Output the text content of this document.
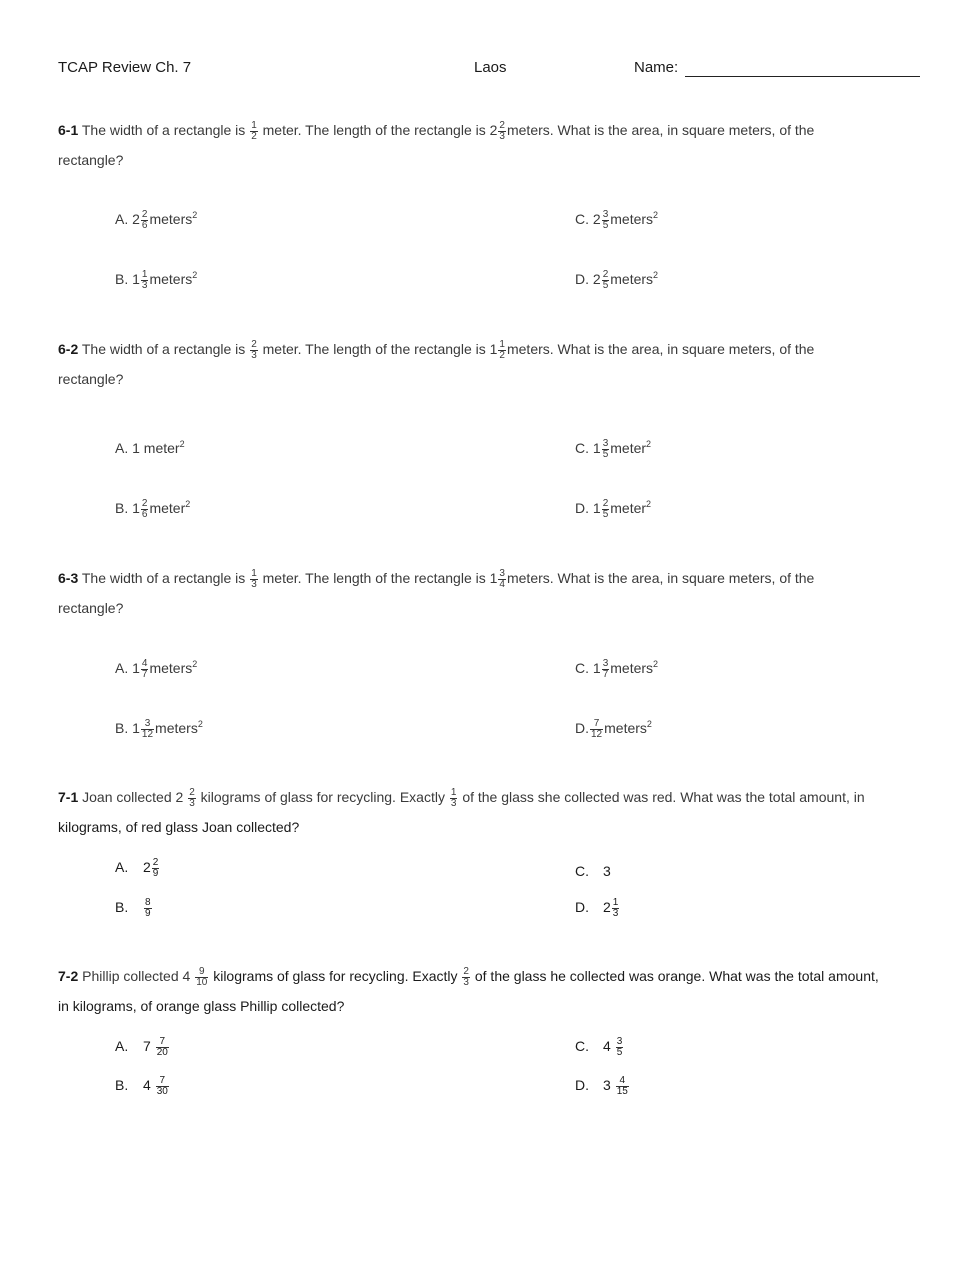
TCAP Review Ch. 7	Laos	Name:
6-1 The width of a rectangle is $\frac{1}{2}$ meter. The length of the rectangle is $2 \frac{2}{3}$ meters. What is the area, in square meters, of the
rectangle?
A. $2 \frac{2}{6}$ meters$^2$
B. $1 \frac{1}{3}$ meters$^2$
C. $2 \frac{3}{5}$ meters$^2$
D. $2 \frac{2}{5}$ meters$^2$
6-2 The width of a rectangle is $\frac{2}{3}$ meter. The length of the rectangle is $1 \frac{1}{2}$ meters. What is the area, in square meters, of the
rectangle?
A. 1 meter$^2$
B. $1 \frac{2}{6}$ meter$^2$
C. $1 \frac{3}{5}$ meter$^2$
D. $1 \frac{2}{5}$ meter$^2$
6-3 The width of a rectangle is $\frac{1}{3}$ meter. The length of the rectangle is $1 \frac{3}{4}$ meters. What is the area, in square meters, of the
rectangle?
A. $1 \frac{4}{7}$ meters$^2$
B. $1 \frac{3}{12}$ meters$^2$
C. $1 \frac{3}{7}$ meters$^2$
D. $\frac{7}{12}$ meters$^2$
7-1 Joan collected $2 \frac{2}{3}$ kilograms of glass for recycling. Exactly $\frac{1}{3}$ of the glass she collected was red. What was the total amount, in
kilograms, of red glass Joan collected?
A. $2 \frac{2}{9}$
B. $\frac{8}{9}$
C. 3
D. $2 \frac{1}{3}$
7-2 Phillip collected $4 \frac{9}{10}$ kilograms of glass for recycling. Exactly $\frac{2}{3}$ of the glass he collected was orange. What was the total amount,
in kilograms, of orange glass Phillip collected?
A. $7 \frac{7}{20}$
B. $4 \frac{7}{30}$
C. $4 \frac{3}{5}$
D. $3 \frac{4}{15}$
